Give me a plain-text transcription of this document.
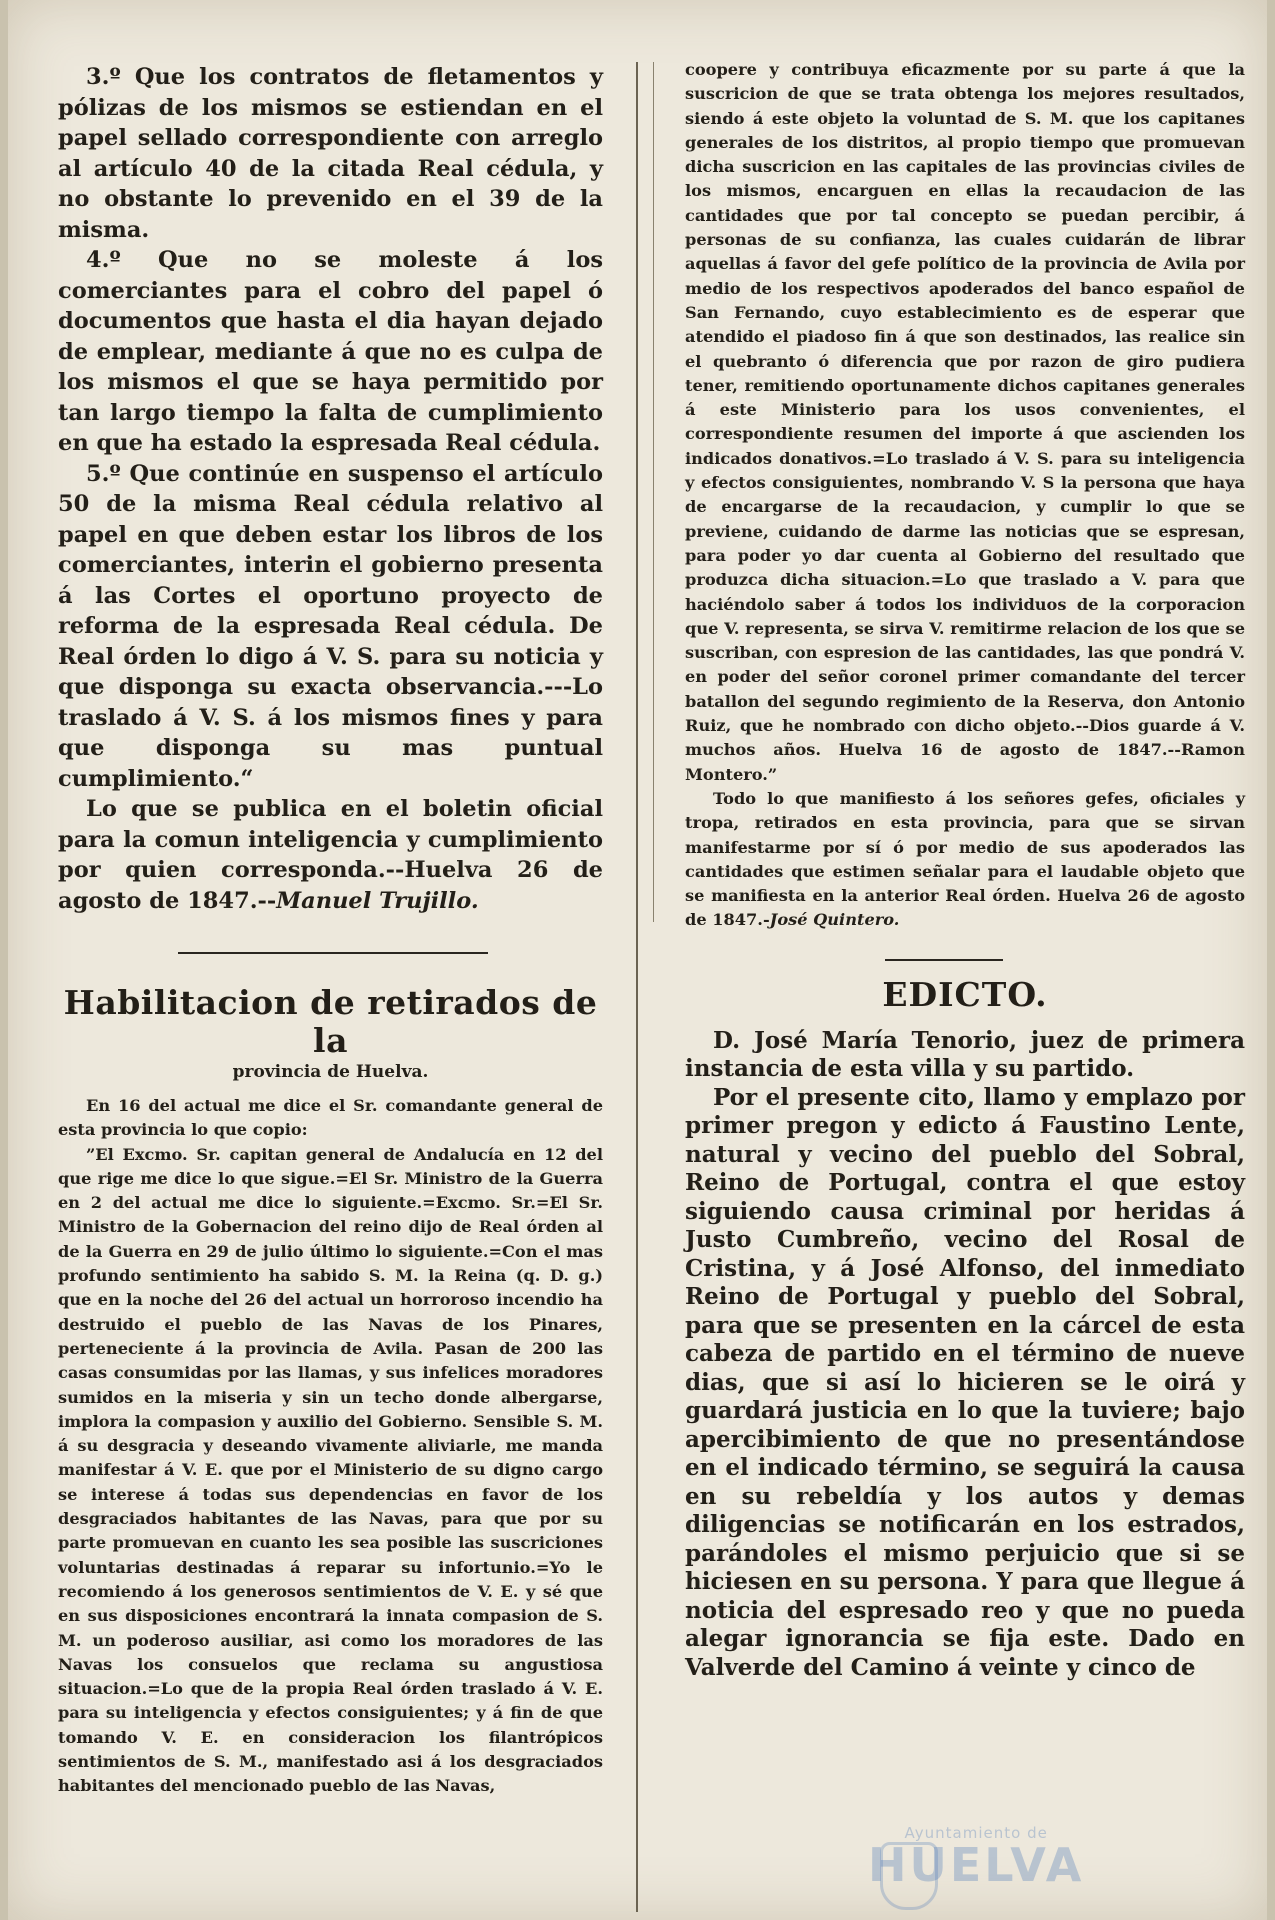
3.º Que los contratos de fletamentos y pólizas de los mismos se estiendan en el papel sellado correspondiente con arreglo al artículo 40 de la citada Real cédula, y no obstante lo prevenido en el 39 de la misma.

4.º Que no se moleste á los comerciantes para el cobro del papel ó documentos que hasta el dia hayan dejado de emplear, mediante á que no es culpa de los mismos el que se haya permitido por tan largo tiempo la falta de cumplimiento en que ha estado la espresada Real cédula.

5.º Que continúe en suspenso el artículo 50 de la misma Real cédula relativo al papel en que deben estar los libros de los comerciantes, interin el gobierno presenta á las Cortes el oportuno proyecto de reforma de la espresada Real cédula. De Real órden lo digo á V. S. para su noticia y que disponga su exacta observancia.---Lo traslado á V. S. á los mismos fines y para que disponga su mas puntual cumplimiento.“

Lo que se publica en el boletin oficial para la comun inteligencia y cumplimiento por quien corresponda.--Huelva 26 de agosto de 1847.--Manuel Trujillo.

Habilitacion de retirados de la
provincia de Huelva.

En 16 del actual me dice el Sr. comandante general de esta provincia lo que copio:

”El Excmo. Sr. capitan general de Andalucía en 12 del que rige me dice lo que sigue.=El Sr. Ministro de la Guerra en 2 del actual me dice lo siguiente.=Excmo. Sr.=El Sr. Ministro de la Gobernacion del reino dijo de Real órden al de la Guerra en 29 de julio último lo siguiente.=Con el mas profundo sentimiento ha sabido S. M. la Reina (q. D. g.) que en la noche del 26 del actual un horroroso incendio ha destruido el pueblo de las Navas de los Pinares, perteneciente á la provincia de Avila. Pasan de 200 las casas consumidas por las llamas, y sus infelices moradores sumidos en la miseria y sin un techo donde albergarse, implora la compasion y auxilio del Gobierno. Sensible S. M. á su desgracia y deseando vivamente aliviarle, me manda manifestar á V. E. que por el Ministerio de su digno cargo se interese á todas sus dependencias en favor de los desgraciados habitantes de las Navas, para que por su parte promuevan en cuanto les sea posible las suscriciones voluntarias destinadas á reparar su infortunio.=Yo le recomiendo á los generosos sentimientos de V. E. y sé que en sus disposiciones encontrará la innata compasion de S. M. un poderoso ausiliar, asi como los moradores de las Navas los consuelos que reclama su angustiosa situacion.=Lo que de la propia Real órden traslado á V. E. para su inteligencia y efectos consiguientes; y á fin de que tomando V. E. en consideracion los filantrópicos sentimientos de S. M., manifestado asi á los desgraciados habitantes del mencionado pueblo de las Navas,

coopere y contribuya eficazmente por su parte á que la suscricion de que se trata obtenga los mejores resultados, siendo á este objeto la voluntad de S. M. que los capitanes generales de los distritos, al propio tiempo que promuevan dicha suscricion en las capitales de las provincias civiles de los mismos, encarguen en ellas la recaudacion de las cantidades que por tal concepto se puedan percibir, á personas de su confianza, las cuales cuidarán de librar aquellas á favor del gefe político de la provincia de Avila por medio de los respectivos apoderados del banco español de San Fernando, cuyo establecimiento es de esperar que atendido el piadoso fin á que son destinados, las realice sin el quebranto ó diferencia que por razon de giro pudiera tener, remitiendo oportunamente dichos capitanes generales á este Ministerio para los usos convenientes, el correspondiente resumen del importe á que ascienden los indicados donativos.=Lo traslado á V. S. para su inteligencia y efectos consiguientes, nombrando V. S la persona que haya de encargarse de la recaudacion, y cumplir lo que se previene, cuidando de darme las noticias que se espresan, para poder yo dar cuenta al Gobierno del resultado que produzca dicha situacion.=Lo que traslado a V. para que haciéndolo saber á todos los individuos de la corporacion que V. representa, se sirva V. remitirme relacion de los que se suscriban, con espresion de las cantidades, las que pondrá V. en poder del señor coronel primer comandante del tercer batallon del segundo regimiento de la Reserva, don Antonio Ruiz, que he nombrado con dicho objeto.--Dios guarde á V. muchos años. Huelva 16 de agosto de 1847.--Ramon Montero.”

Todo lo que manifiesto á los señores gefes, oficiales y tropa, retirados en esta provincia, para que se sirvan manifestarme por sí ó por medio de sus apoderados las cantidades que estimen señalar para el laudable objeto que se manifiesta en la anterior Real órden. Huelva 26 de agosto de 1847.-José Quintero.

EDICTO.

D. José María Tenorio, juez de primera instancia de esta villa y su partido.

Por el presente cito, llamo y emplazo por primer pregon y edicto á Faustino Lente, natural y vecino del pueblo del Sobral, Reino de Portugal, contra el que estoy siguiendo causa criminal por heridas á Justo Cumbreño, vecino del Rosal de Cristina, y á José Alfonso, del inmediato Reino de Portugal y pueblo del Sobral, para que se presenten en la cárcel de esta cabeza de partido en el término de nueve dias, que si así lo hicieren se le oirá y guardará justicia en lo que la tuviere; bajo apercibimiento de que no presentándose en el indicado término, se seguirá la causa en su rebeldía y los autos y demas diligencias se notificarán en los estrados, parándoles el mismo perjuicio que si se hiciesen en su persona. Y para que llegue á noticia del espresado reo y que no pueda alegar ignorancia se fija este. Dado en Valverde del Camino á veinte y cinco de

Ayuntamiento de
HUELVA
